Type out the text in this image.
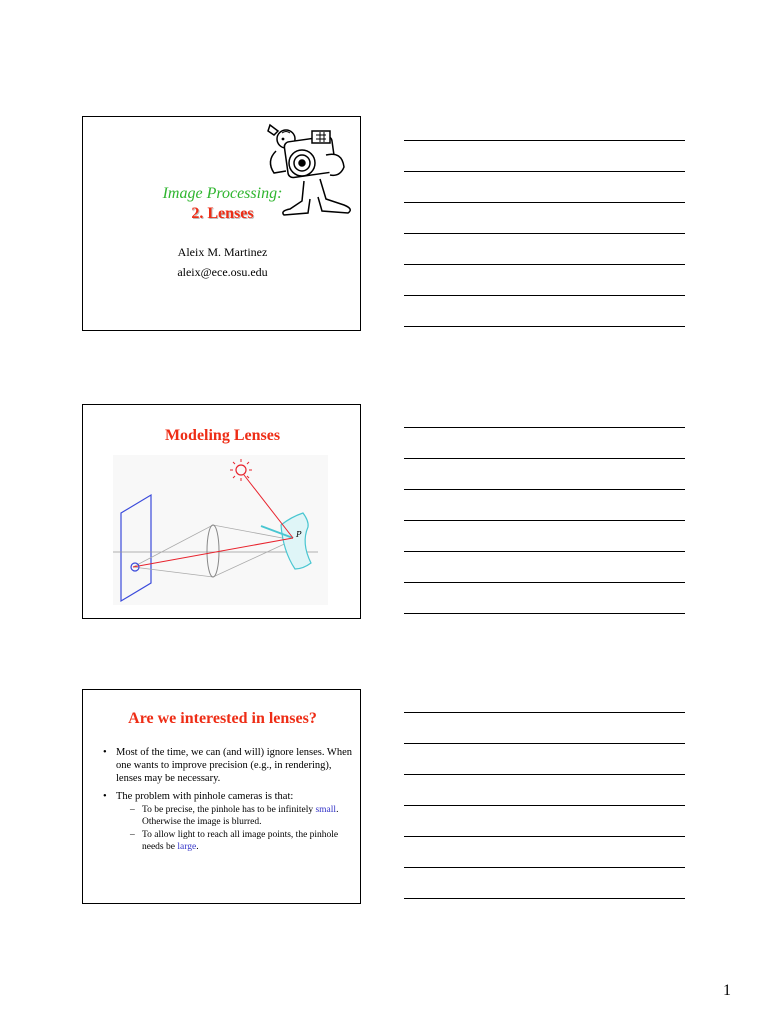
Image Processing:
2. Lenses
Aleix M. Martinez
aleix@ece.osu.edu
Modeling Lenses
P
Are we interested in lenses?
• Most of the time, we can (and will) ignore lenses. When one wants to improve precision (e.g., in rendering), lenses may be necessary.
• The problem with pinhole cameras is that:
– To be precise, the pinhole has to be infinitely small. Otherwise the image is blurred.
– To allow light to reach all image points, the pinhole needs be large.
1
